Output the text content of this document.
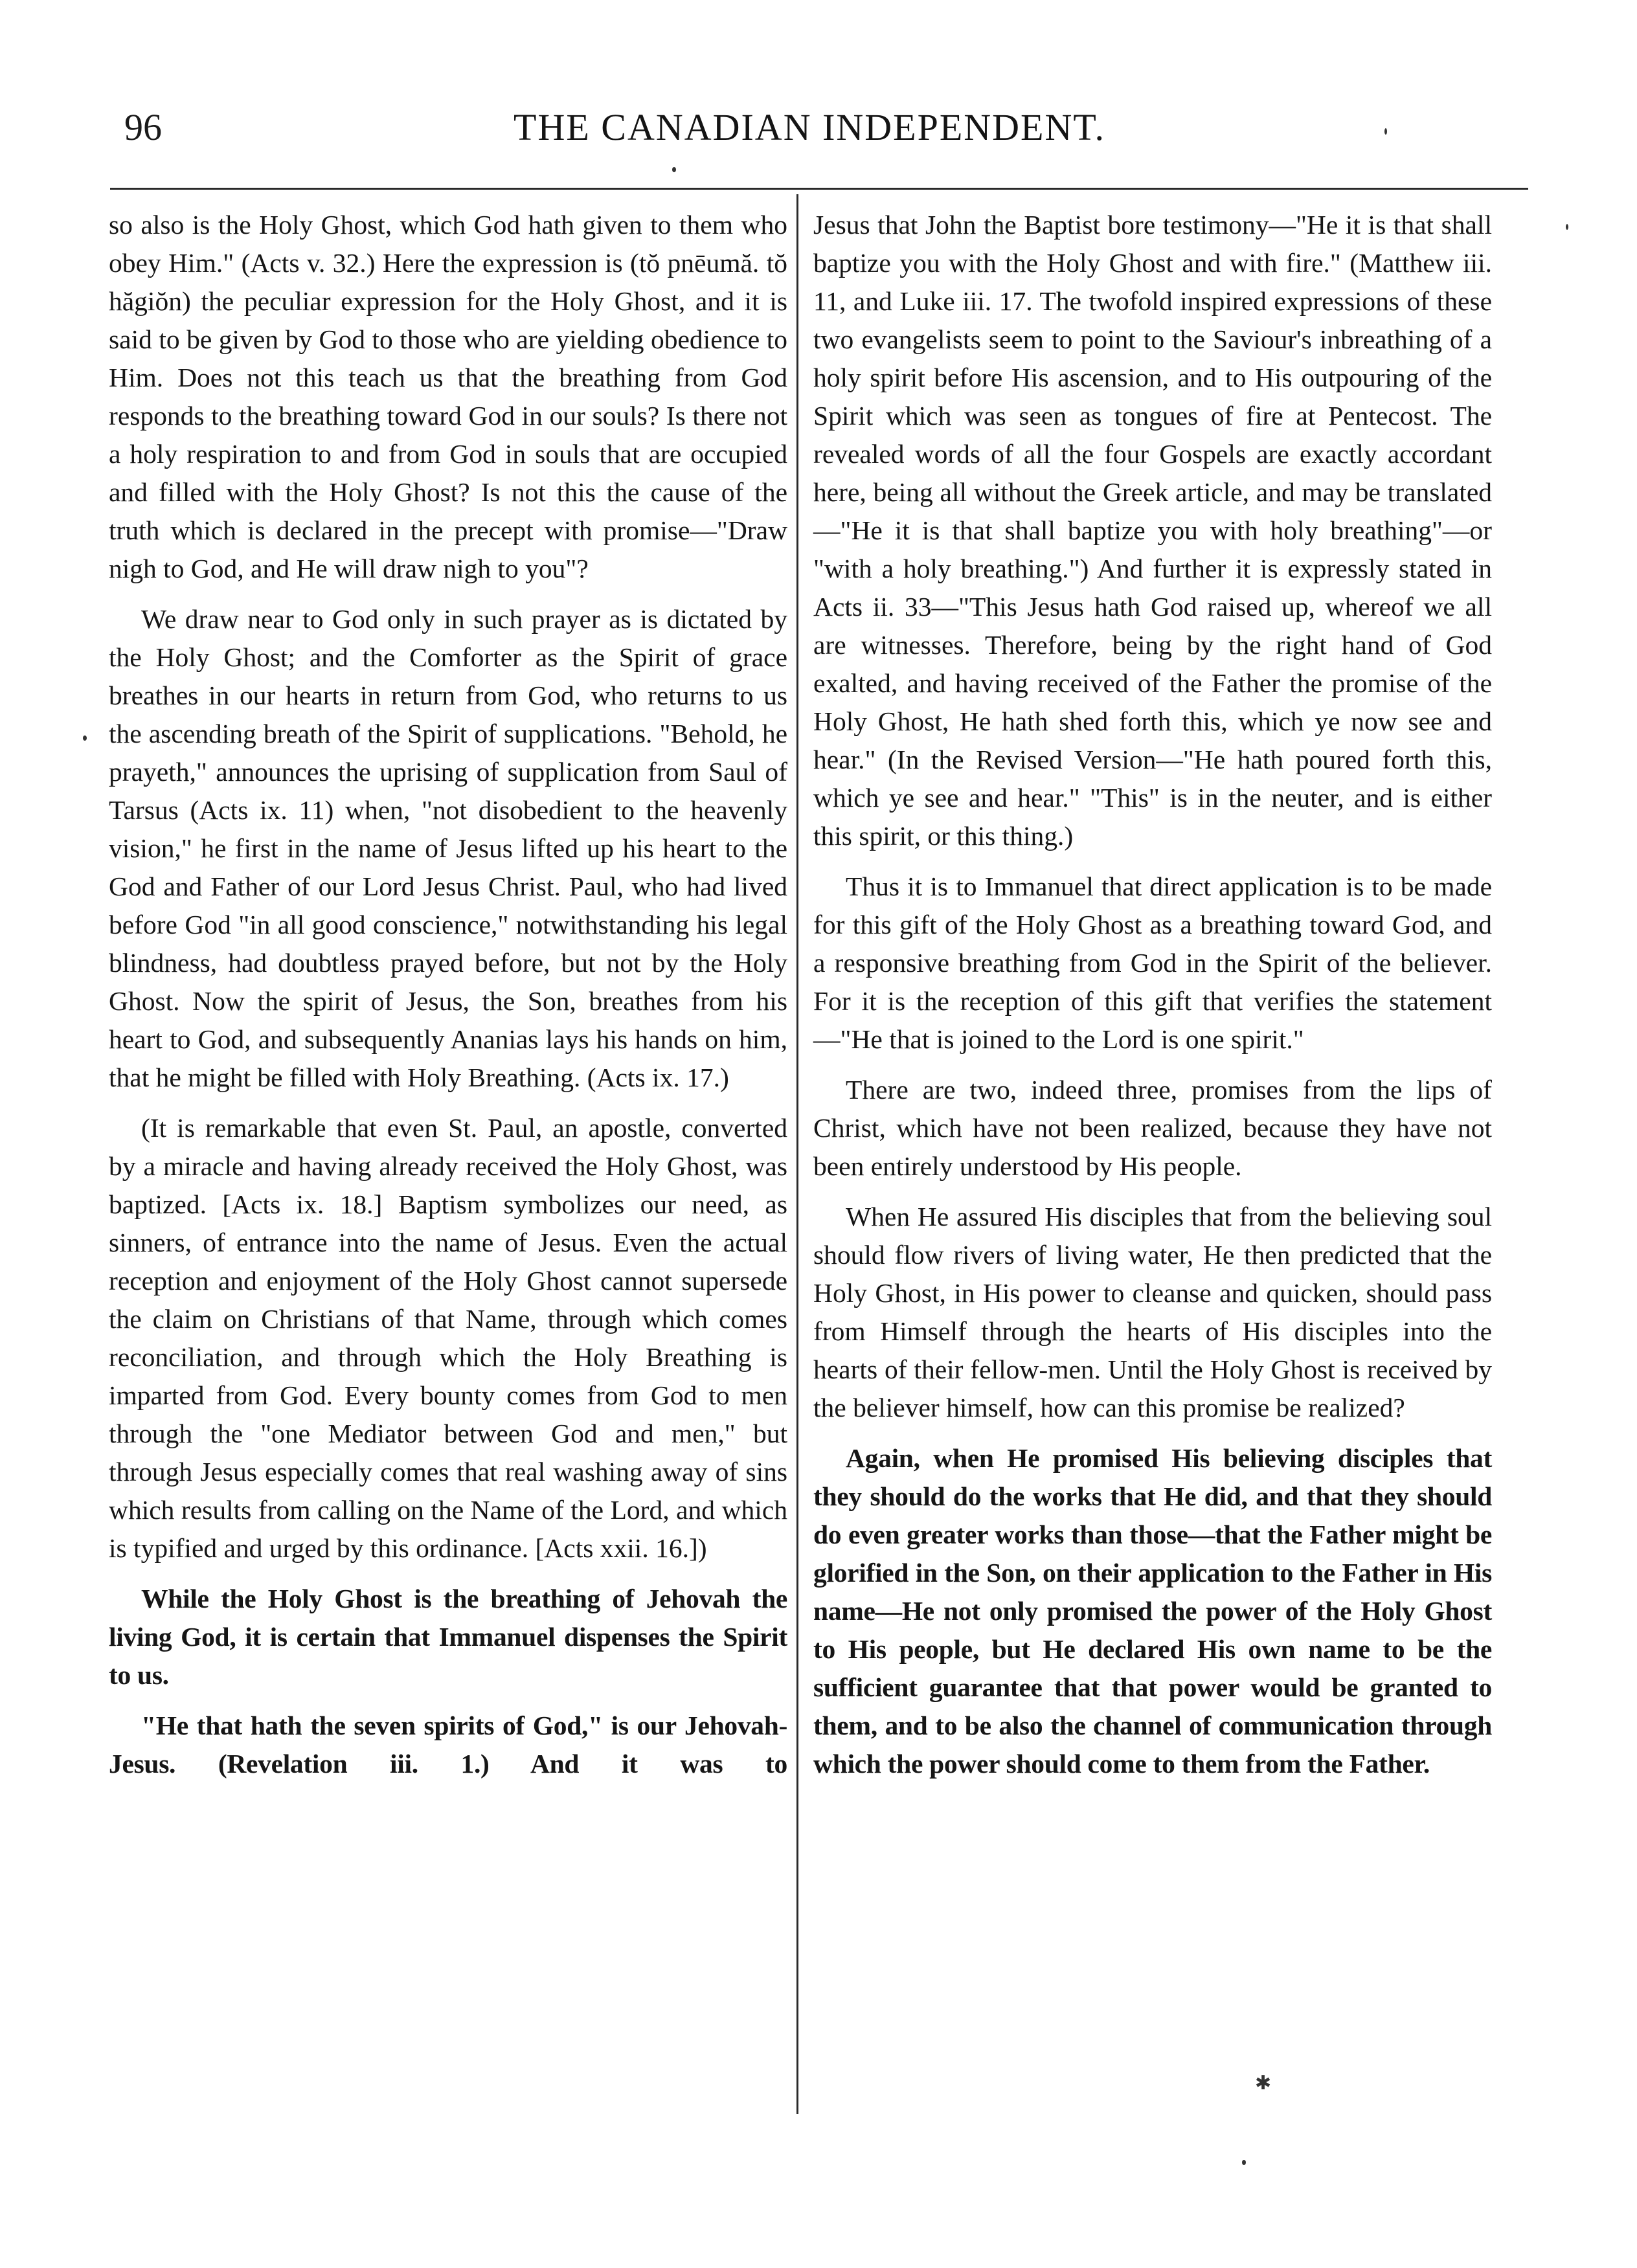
96	THE CANADIAN INDEPENDENT.

so also is the Holy Ghost, which God hath given to them who obey Him." (Acts v. 32.) Here the expression is (tŏ pnēumă. tŏ hăgiŏn) the peculiar expression for the Holy Ghost, and it is said to be given by God to those who are yielding obedience to Him. Does not this teach us that the breathing from God responds to the breathing toward God in our souls? Is there not a holy respiration to and from God in souls that are occupied and filled with the Holy Ghost? Is not this the cause of the truth which is declared in the precept with promise—"Draw nigh to God, and He will draw nigh to you"?

We draw near to God only in such prayer as is dictated by the Holy Ghost; and the Comforter as the Spirit of grace breathes in our hearts in return from God, who returns to us the ascending breath of the Spirit of supplications. "Behold, he prayeth," announces the uprising of supplication from Saul of Tarsus (Acts ix. 11) when, "not disobedient to the heavenly vision," he first in the name of Jesus lifted up his heart to the God and Father of our Lord Jesus Christ. Paul, who had lived before God "in all good conscience," notwithstanding his legal blindness, had doubtless prayed before, but not by the Holy Ghost. Now the spirit of Jesus, the Son, breathes from his heart to God, and subsequently Ananias lays his hands on him, that he might be filled with Holy Breathing. (Acts ix. 17.)

(It is remarkable that even St. Paul, an apostle, converted by a miracle and having already received the Holy Ghost, was baptized. [Acts ix. 18.] Baptism symbolizes our need, as sinners, of entrance into the name of Jesus. Even the actual reception and enjoyment of the Holy Ghost cannot supersede the claim on Christians of that Name, through which comes reconciliation, and through which the Holy Breathing is imparted from God. Every bounty comes from God to men through the "one Mediator between God and men," but through Jesus especially comes that real washing away of sins which results from calling on the Name of the Lord, and which is typified and urged by this ordinance. [Acts xxii. 16.])

While the Holy Ghost is the breathing of Jehovah the living God, it is certain that Immanuel dispenses the Spirit to us.

"He that hath the seven spirits of God," is our Jehovah-Jesus. (Revelation iii. 1.) And it was to

Jesus that John the Baptist bore testimony—"He it is that shall baptize you with the Holy Ghost and with fire." (Matthew iii. 11, and Luke iii. 17. The twofold inspired expressions of these two evangelists seem to point to the Saviour's inbreathing of a holy spirit before His ascension, and to His outpouring of the Spirit which was seen as tongues of fire at Pentecost. The revealed words of all the four Gospels are exactly accordant here, being all without the Greek article, and may be translated—"He it is that shall baptize you with holy breathing"—or "with a holy breathing.") And further it is expressly stated in Acts ii. 33—"This Jesus hath God raised up, whereof we all are witnesses. Therefore, being by the right hand of God exalted, and having received of the Father the promise of the Holy Ghost, He hath shed forth this, which ye now see and hear." (In the Revised Version—"He hath poured forth this, which ye see and hear." "This" is in the neuter, and is either this spirit, or this thing.)

Thus it is to Immanuel that direct application is to be made for this gift of the Holy Ghost as a breathing toward God, and a responsive breathing from God in the Spirit of the believer. For it is the reception of this gift that verifies the statement —"He that is joined to the Lord is one spirit."

There are two, indeed three, promises from the lips of Christ, which have not been realized, because they have not been entirely understood by His people.

When He assured His disciples that from the believing soul should flow rivers of living water, He then predicted that the Holy Ghost, in His power to cleanse and quicken, should pass from Himself through the hearts of His disciples into the hearts of their fellow-men. Until the Holy Ghost is received by the believer himself, how can this promise be realized?

Again, when He promised His believing disciples that they should do the works that He did, and that they should do even greater works than those—that the Father might be glorified in the Son, on their application to the Father in His name—He not only promised the power of the Holy Ghost to His people, but He declared His own name to be the sufficient guarantee that that power would be granted to them, and to be also the channel of communication through which the power should come to them from the Father.

✱
